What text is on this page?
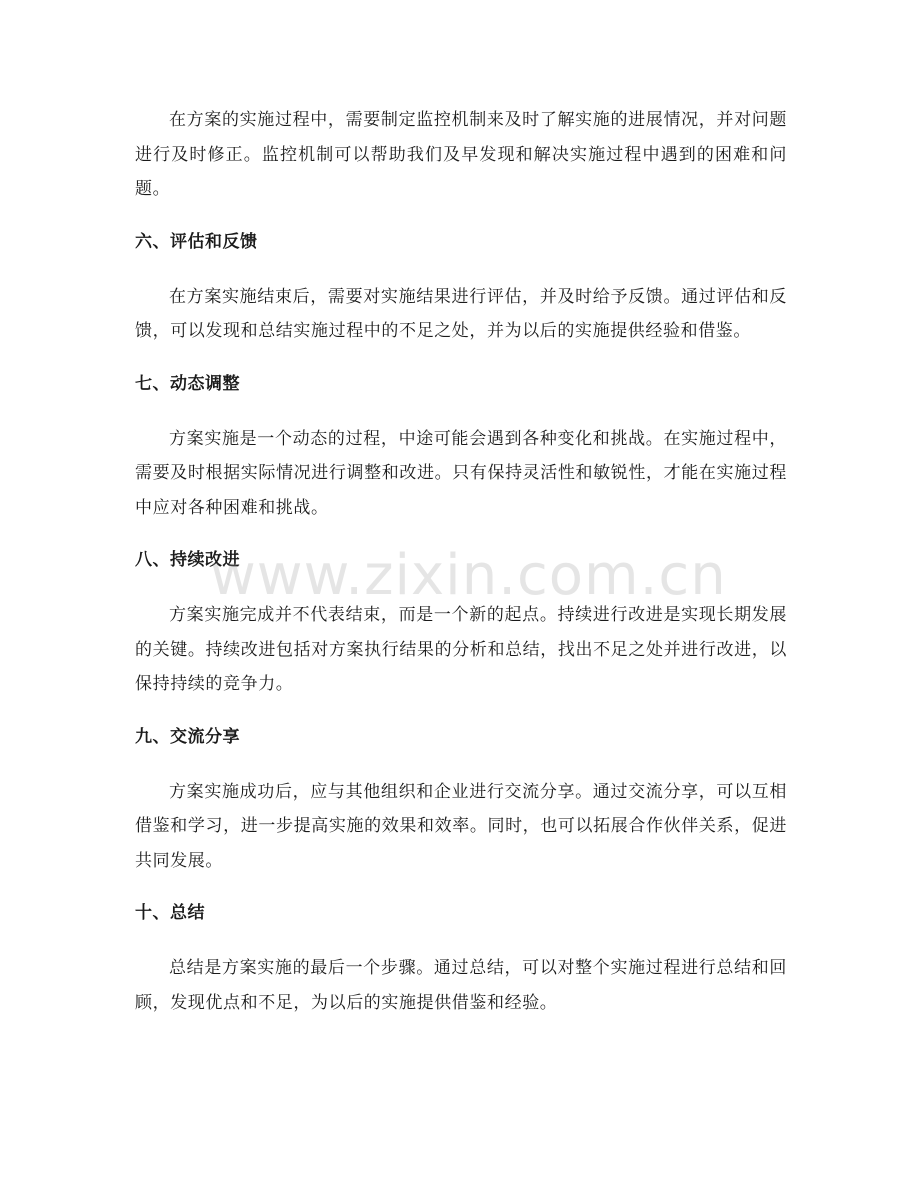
在方案的实施过程中，需要制定监控机制来及时了解实施的进展情况，并对问题进行及时修正。监控机制可以帮助我们及早发现和解决实施过程中遇到的困难和问题。

六、评估和反馈

在方案实施结束后，需要对实施结果进行评估，并及时给予反馈。通过评估和反馈，可以发现和总结实施过程中的不足之处，并为以后的实施提供经验和借鉴。

七、动态调整

方案实施是一个动态的过程，中途可能会遇到各种变化和挑战。在实施过程中，需要及时根据实际情况进行调整和改进。只有保持灵活性和敏锐性，才能在实施过程中应对各种困难和挑战。

八、持续改进

方案实施完成并不代表结束，而是一个新的起点。持续进行改进是实现长期发展的关键。持续改进包括对方案执行结果的分析和总结，找出不足之处并进行改进，以保持持续的竞争力。

九、交流分享

方案实施成功后，应与其他组织和企业进行交流分享。通过交流分享，可以互相借鉴和学习，进一步提高实施的效果和效率。同时，也可以拓展合作伙伴关系，促进共同发展。

十、总结

总结是方案实施的最后一个步骤。通过总结，可以对整个实施过程进行总结和回顾，发现优点和不足，为以后的实施提供借鉴和经验。

www.zixin.com.cn
